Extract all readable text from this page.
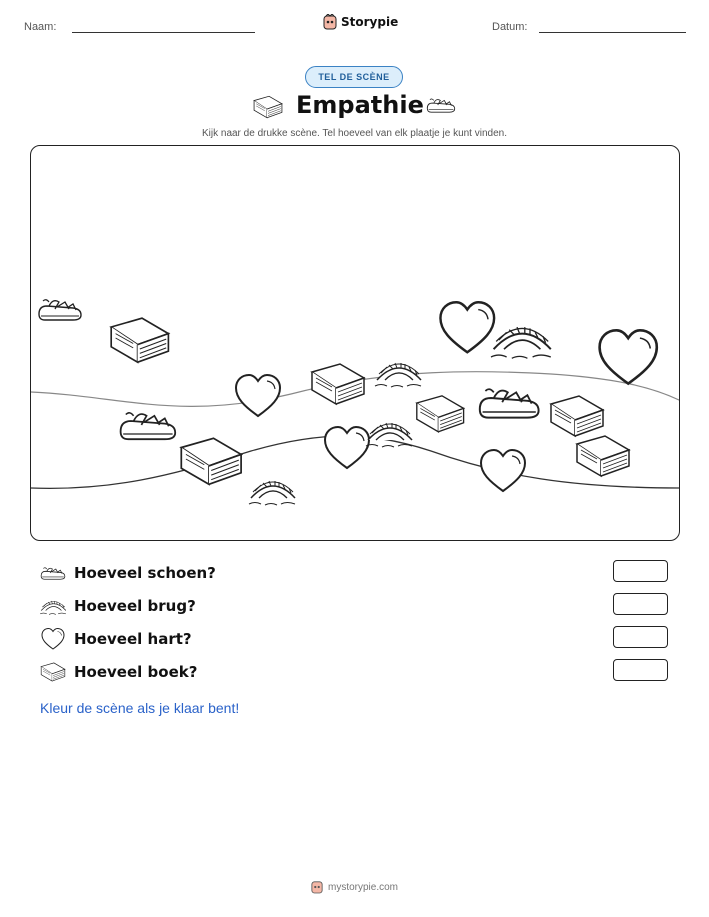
Naam:	Storypie	Datum:
TEL DE SCÈNE
Empathie
Kijk naar de drukke scène. Tel hoeveel van elk plaatje je kunt vinden.
Hoeveel schoen?
Hoeveel brug?
Hoeveel hart?
Hoeveel boek?
Kleur de scène als je klaar bent!
mystorypie.com
